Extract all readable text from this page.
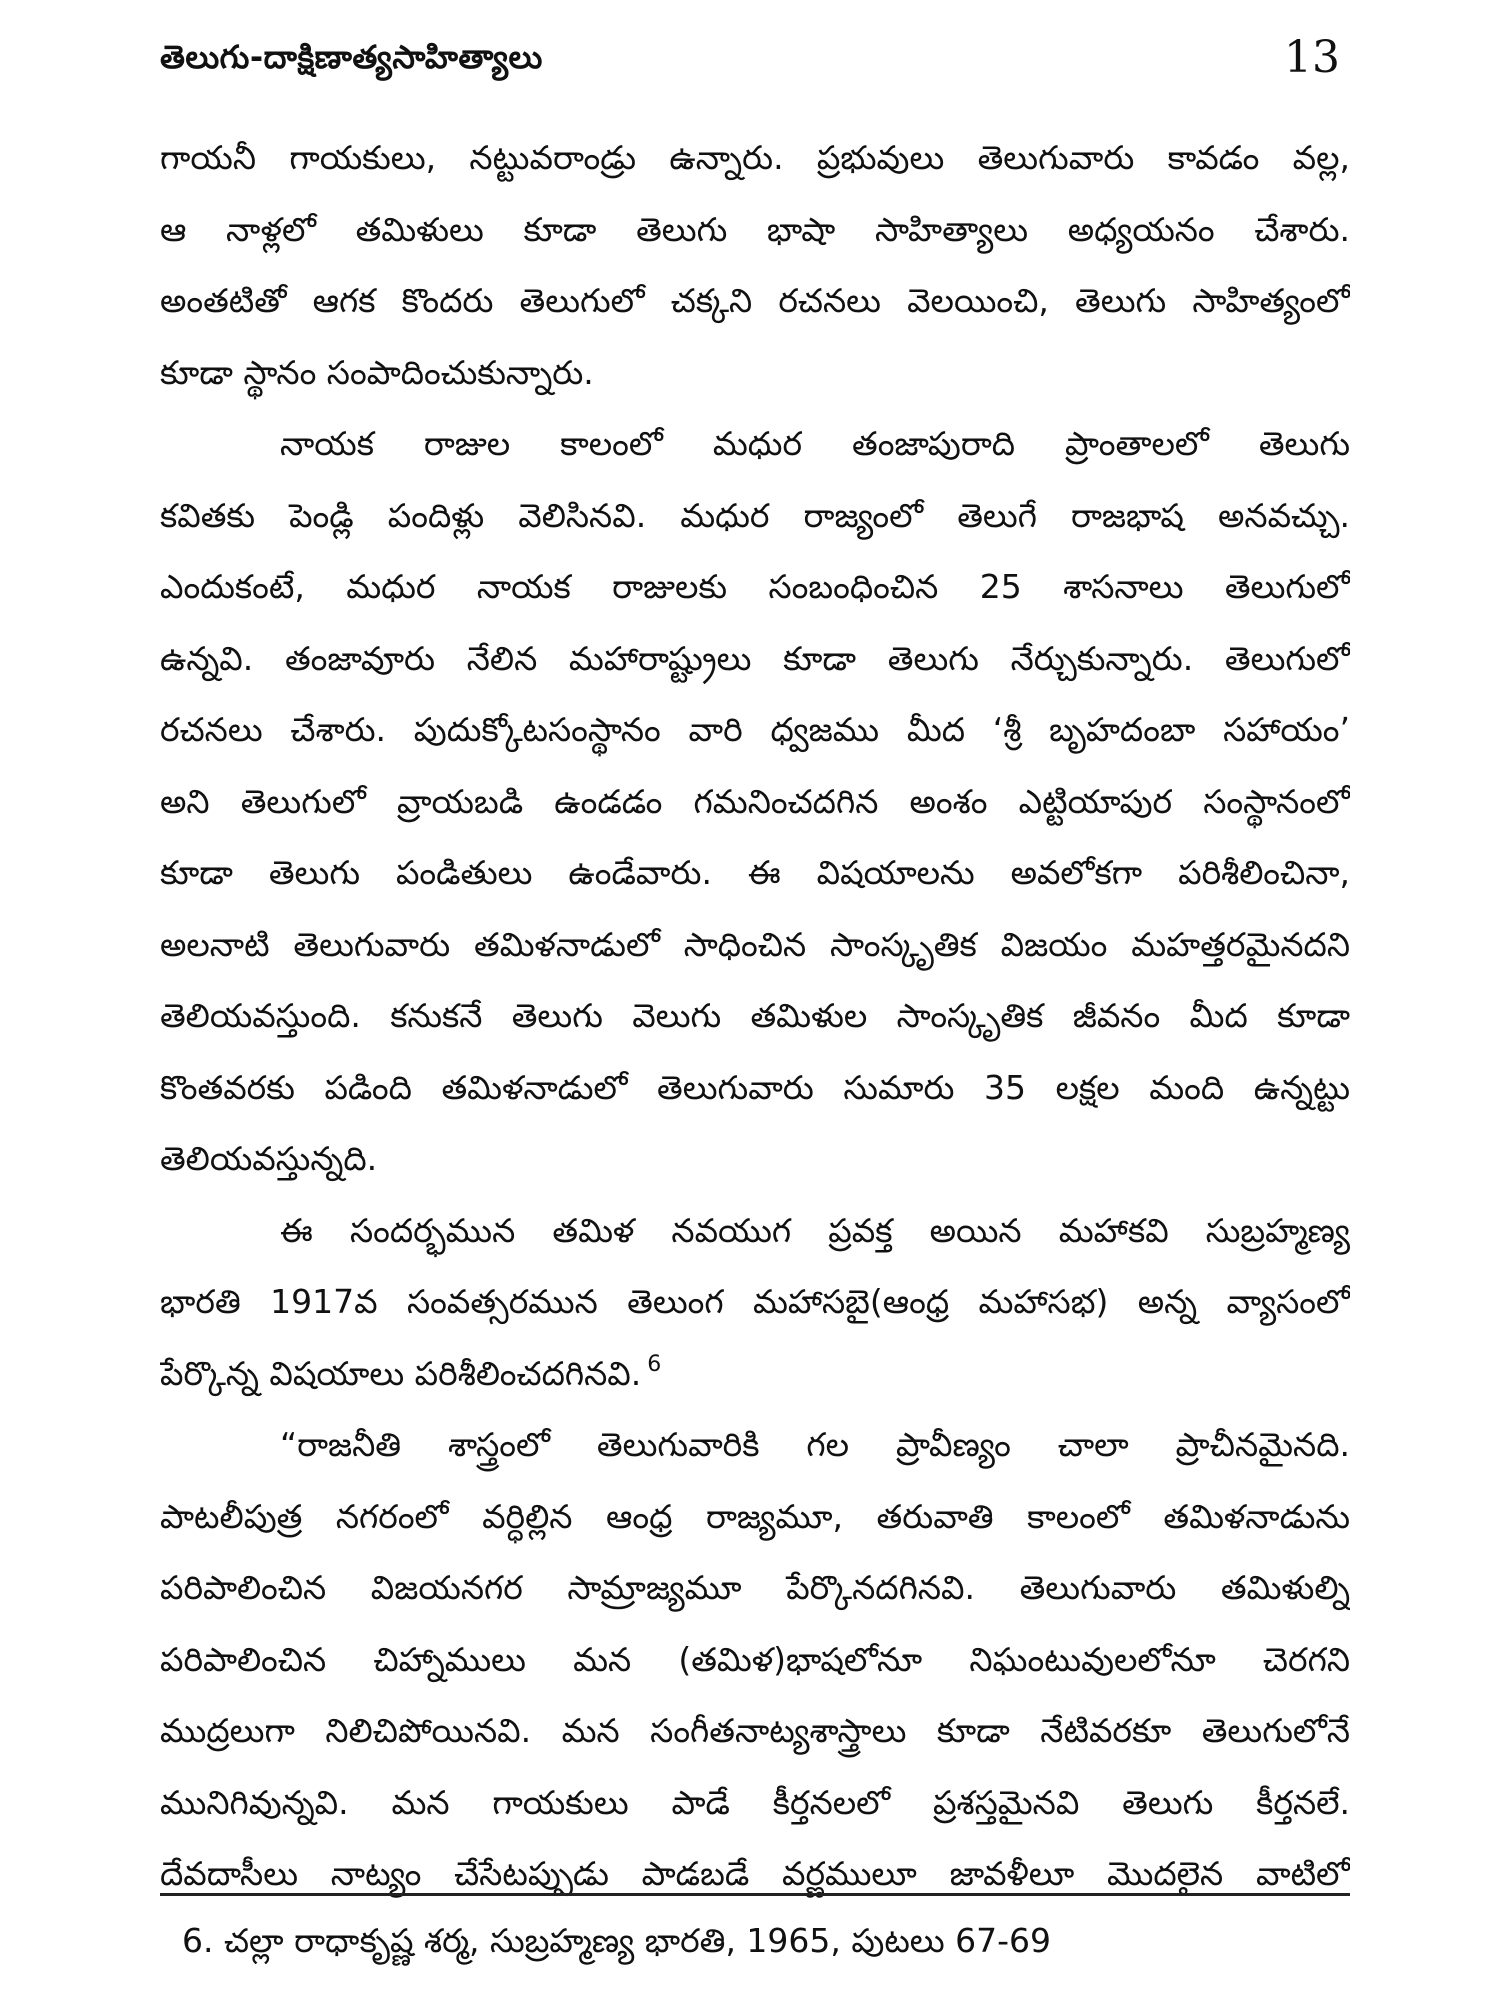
తెలుగు-దాక్షిణాత్యసాహిత్యాలు	13
గాయనీ గాయకులు, నట్టువరాండ్రు ఉన్నారు. ప్రభువులు తెలుగువారు కావడం వల్ల,
ఆ నాళ్లలో తమిళులు కూడా తెలుగు భాషా సాహిత్యాలు అధ్యయనం చేశారు.
అంతటితో ఆగక కొందరు తెలుగులో చక్కని రచనలు వెలయించి, తెలుగు సాహిత్యంలో
కూడా స్థానం సంపాదించుకున్నారు.
నాయక రాజుల కాలంలో మధుర తంజాపురాది ప్రాంతాలలో తెలుగు
కవితకు పెండ్లి పందిళ్లు వెలిసినవి. మధుర రాజ్యంలో తెలుగే రాజభాష అనవచ్చు.
ఎందుకంటే, మధుర నాయక రాజులకు సంబంధించిన 25 శాసనాలు తెలుగులో
ఉన్నవి. తంజావూరు నేలిన మహారాష్ట్రులు కూడా తెలుగు నేర్చుకున్నారు. తెలుగులో
రచనలు చేశారు. పుదుక్కోటసంస్థానం వారి ధ్వజము మీద ‘శ్రీ బృహదంబా సహాయం’
అని తెలుగులో వ్రాయబడి ఉండడం గమనించదగిన అంశం ఎట్టియాపుర సంస్థానంలో
కూడా తెలుగు పండితులు ఉండేవారు. ఈ విషయాలను అవలోకగా పరిశీలించినా,
అలనాటి తెలుగువారు తమిళనాడులో సాధించిన సాంస్కృతిక విజయం మహత్తరమైనదని
తెలియవస్తుంది. కనుకనే తెలుగు వెలుగు తమిళుల సాంస్కృతిక జీవనం మీద కూడా
కొంతవరకు పడింది తమిళనాడులో తెలుగువారు సుమారు 35 లక్షల మంది ఉన్నట్టు
తెలియవస్తున్నది.
ఈ సందర్భమున తమిళ నవయుగ ప్రవక్త అయిన మహాకవి సుబ్రహ్మణ్య
భారతి 1917వ సంవత్సరమున తెలుంగ మహాసబై(ఆంధ్ర మహాసభ) అన్న వ్యాసంలో
పేర్కొన్న విషయాలు పరిశీలించదగినవి. $^6$
“రాజనీతి శాస్త్రంలో తెలుగువారికి గల ప్రావీణ్యం చాలా ప్రాచీనమైనది.
పాటలీపుత్ర నగరంలో వర్ధిల్లిన ఆంధ్ర రాజ్యమూ, తరువాతి కాలంలో తమిళనాడును
పరిపాలించిన విజయనగర సామ్రాజ్యమూ పేర్కొనదగినవి. తెలుగువారు తమిళుల్ని
పరిపాలించిన చిహ్నాములు మన (తమిళ)భాషలోనూ నిఘంటువులలోనూ చెరగని
ముద్రలుగా నిలిచిపోయినవి. మన సంగీతనాట్యశాస్త్రాలు కూడా నేటివరకూ తెలుగులోనే
మునిగివున్నవి. మన గాయకులు పాడే కీర్తనలలో ప్రశస్తమైనవి తెలుగు కీర్తనలే.
దేవదాసీలు నాట్యం చేసేటప్పుడు పాడబడే వర్ణములూ జావళీలూ మొదలైన వాటిలో
6. చల్లా రాధాకృష్ణ శర్మ, సుబ్రహ్మణ్య భారతి, 1965, పుటలు 67-69
